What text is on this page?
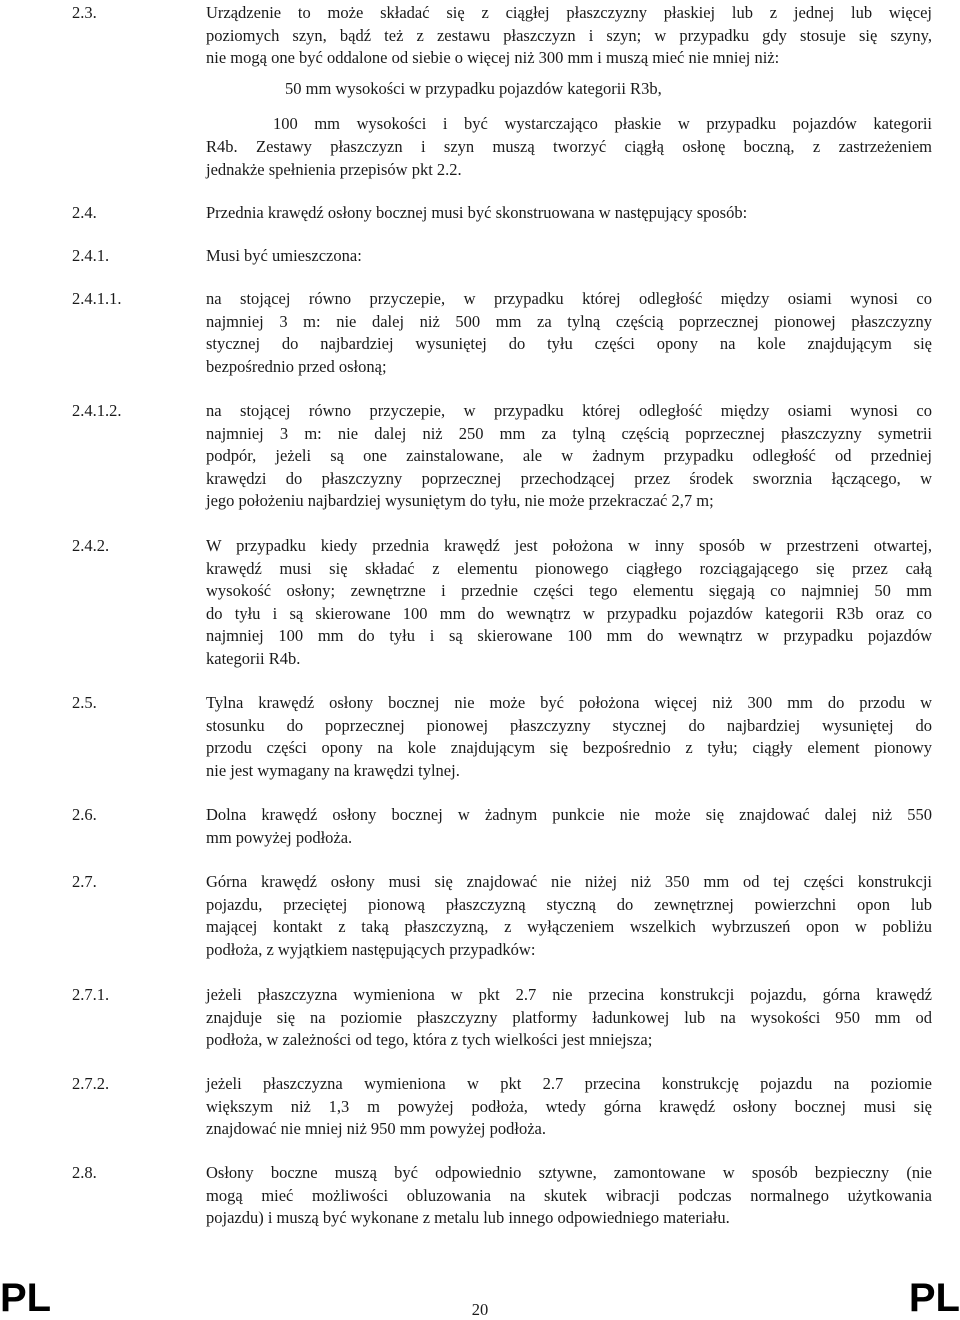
2.3.	Urządzenie to może składać się z ciągłej płaszczyzny płaskiej lub z jednej lub więcej
poziomych szyn, bądź też z zestawu płaszczyzn i szyn; w przypadku gdy stosuje się szyny,
nie mogą one być oddalone od siebie o więcej niż 300 mm i muszą mieć nie mniej niż:
50 mm wysokości w przypadku pojazdów kategorii R3b,
100 mm wysokości i być wystarczająco płaskie w przypadku pojazdów kategorii
R4b. Zestawy płaszczyzn i szyn muszą tworzyć ciągłą osłonę boczną, z zastrzeżeniem
jednakże spełnienia przepisów pkt 2.2.
2.4.	Przednia krawędź osłony bocznej musi być skonstruowana w następujący sposób:
2.4.1.	Musi być umieszczona:
2.4.1.1.	na stojącej równo przyczepie, w przypadku której odległość między osiami wynosi co
najmniej 3 m: nie dalej niż 500 mm za tylną częścią poprzecznej pionowej płaszczyzny
stycznej do najbardziej wysuniętej do tyłu części opony na kole znajdującym się
bezpośrednio przed osłoną;
2.4.1.2.	na stojącej równo przyczepie, w przypadku której odległość między osiami wynosi co
najmniej 3 m: nie dalej niż 250 mm za tylną częścią poprzecznej płaszczyzny symetrii
podpór, jeżeli są one zainstalowane, ale w żadnym przypadku odległość od przedniej
krawędzi do płaszczyzny poprzecznej przechodzącej przez środek sworznia łączącego, w
jego położeniu najbardziej wysuniętym do tyłu, nie może przekraczać 2,7 m;
2.4.2.	W przypadku kiedy przednia krawędź jest położona w inny sposób w przestrzeni otwartej,
krawędź musi się składać z elementu pionowego ciągłego rozciągającego się przez całą
wysokość osłony; zewnętrzne i przednie części tego elementu sięgają co najmniej 50 mm
do tyłu i są skierowane 100 mm do wewnątrz w przypadku pojazdów kategorii R3b oraz co
najmniej 100 mm do tyłu i są skierowane 100 mm do wewnątrz w przypadku pojazdów
kategorii R4b.
2.5.	Tylna krawędź osłony bocznej nie może być położona więcej niż 300 mm do przodu w
stosunku do poprzecznej pionowej płaszczyzny stycznej do najbardziej wysuniętej do
przodu części opony na kole znajdującym się bezpośrednio z tyłu; ciągły element pionowy
nie jest wymagany na krawędzi tylnej.
2.6.	Dolna krawędź osłony bocznej w żadnym punkcie nie może się znajdować dalej niż 550
mm powyżej podłoża.
2.7.	Górna krawędź osłony musi się znajdować nie niżej niż 350 mm od tej części konstrukcji
pojazdu, przeciętej pionową płaszczyzną styczną do zewnętrznej powierzchni opon lub
mającej kontakt z taką płaszczyzną, z wyłączeniem wszelkich wybrzuszeń opon w pobliżu
podłoża, z wyjątkiem następujących przypadków:
2.7.1.	jeżeli płaszczyzna wymieniona w pkt 2.7 nie przecina konstrukcji pojazdu, górna krawędź
znajduje się na poziomie płaszczyzny platformy ładunkowej lub na wysokości 950 mm od
podłoża, w zależności od tego, która z tych wielkości jest mniejsza;
2.7.2.	jeżeli płaszczyzna wymieniona w pkt 2.7 przecina konstrukcję pojazdu na poziomie
większym niż 1,3 m powyżej podłoża, wtedy górna krawędź osłony bocznej musi się
znajdować nie mniej niż 950 mm powyżej podłoża.
2.8.	Osłony boczne muszą być odpowiednio sztywne, zamontowane w sposób bezpieczny (nie
mogą mieć możliwości obluzowania na skutek wibracji podczas normalnego użytkowania
pojazdu) i muszą być wykonane z metalu lub innego odpowiedniego materiału.
PL	20	PL
